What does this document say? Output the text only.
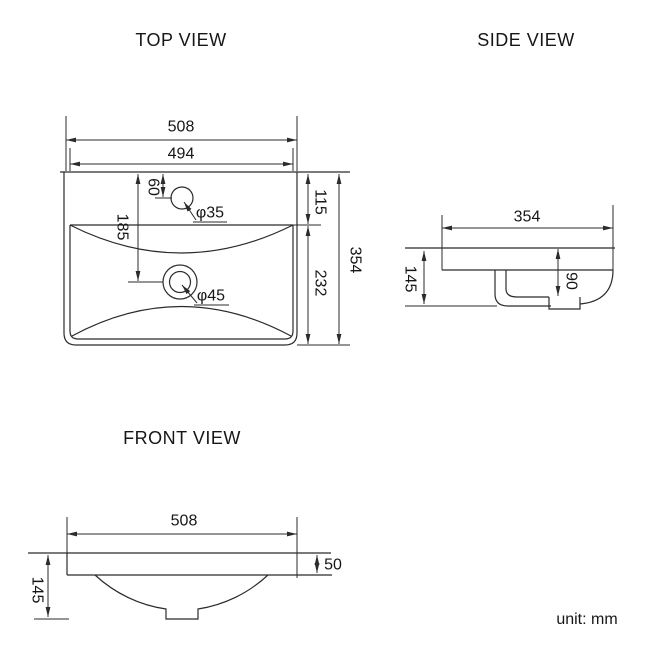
508
494
60
185
φ35
φ45
115
232
354
354
145	90
508
50
145
TOP VIEW	SIDE VIEW
FRONT VIEW
unit: mm
